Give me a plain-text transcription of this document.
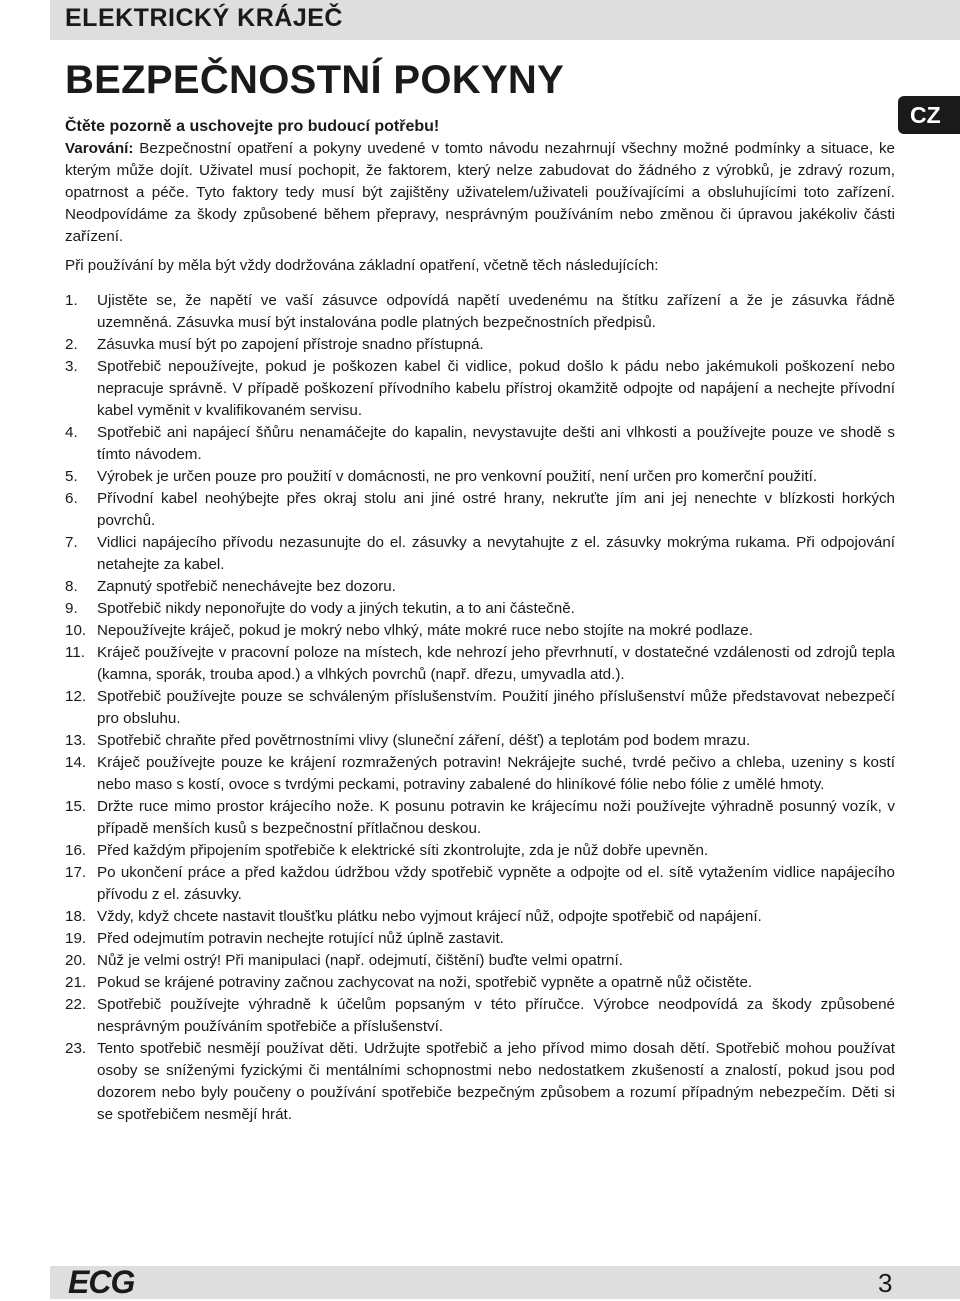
ELEKTRICKÝ KRÁJEČ
BEZPEČNOSTNÍ POKYNY
CZ

Čtěte pozorně a uschovejte pro budoucí potřebu!

Varování: Bezpečnostní opatření a pokyny uvedené v tomto návodu nezahrnují všechny možné podmínky a situace, ke kterým může dojít. Uživatel musí pochopit, že faktorem, který nelze zabudovat do žádného z výrobků, je zdravý rozum, opatrnost a péče. Tyto faktory tedy musí být zajištěny uživatelem/uživateli používajícími a obsluhujícími toto zařízení. Neodpovídáme za škody způsobené během přepravy, nesprávným používáním nebo změnou či úpravou jakékoliv části zařízení.

Při používání by měla být vždy dodržována základní opatření, včetně těch následujících:

1. Ujistěte se, že napětí ve vaší zásuvce odpovídá napětí uvedenému na štítku zařízení a že je zásuvka řádně uzemněná. Zásuvka musí být instalována podle platných bezpečnostních předpisů.
2. Zásuvka musí být po zapojení přístroje snadno přístupná.
3. Spotřebič nepoužívejte, pokud je poškozen kabel či vidlice, pokud došlo k pádu nebo jakémukoli poškození nebo nepracuje správně. V případě poškození přívodního kabelu přístroj okamžitě odpojte od napájení a nechejte přívodní kabel vyměnit v kvalifikovaném servisu.
4. Spotřebič ani napájecí šňůru nenamáčejte do kapalin, nevystavujte dešti ani vlhkosti a používejte pouze ve shodě s tímto návodem.
5. Výrobek je určen pouze pro použití v domácnosti, ne pro venkovní použití, není určen pro komerční použití.
6. Přívodní kabel neohýbejte přes okraj stolu ani jiné ostré hrany, nekruťte jím ani jej nenechte v blízkosti horkých povrchů.
7. Vidlici napájecího přívodu nezasunujte do el. zásuvky a nevytahujte z el. zásuvky mokrýma rukama. Při odpojování netahejte za kabel.
8. Zapnutý spotřebič nenechávejte bez dozoru.
9. Spotřebič nikdy neponořujte do vody a jiných tekutin, a to ani částečně.
10. Nepoužívejte kráječ, pokud je mokrý nebo vlhký, máte mokré ruce nebo stojíte na mokré podlaze.
11. Kráječ používejte v pracovní poloze na místech, kde nehrozí jeho převrhnutí, v dostatečné vzdálenosti od zdrojů tepla (kamna, sporák, trouba apod.) a vlhkých povrchů (např. dřezu, umyvadla atd.).
12. Spotřebič používejte pouze se schváleným příslušenstvím. Použití jiného příslušenství může představovat nebezpečí pro obsluhu.
13. Spotřebič chraňte před povětrnostními vlivy (sluneční záření, déšť) a teplotám pod bodem mrazu.
14. Kráječ používejte pouze ke krájení rozmražených potravin! Nekrájejte suché, tvrdé pečivo a chleba, uzeniny s kostí nebo maso s kostí, ovoce s tvrdými peckami, potraviny zabalené do hliníkové fólie nebo fólie z umělé hmoty.
15. Držte ruce mimo prostor krájecího nože. K posunu potravin ke krájecímu noži používejte výhradně posunný vozík, v případě menších kusů s bezpečnostní přítlačnou deskou.
16. Před každým připojením spotřebiče k elektrické síti zkontrolujte, zda je nůž dobře upevněn.
17. Po ukončení práce a před každou údržbou vždy spotřebič vypněte a odpojte od el. sítě vytažením vidlice napájecího přívodu z el. zásuvky.
18. Vždy, když chcete nastavit tloušťku plátku nebo vyjmout krájecí nůž, odpojte spotřebič od napájení.
19. Před odejmutím potravin nechejte rotující nůž úplně zastavit.
20. Nůž je velmi ostrý! Při manipulaci (např. odejmutí, čištění) buďte velmi opatrní.
21. Pokud se krájené potraviny začnou zachycovat na noži, spotřebič vypněte a opatrně nůž očistěte.
22. Spotřebič používejte výhradně k účelům popsaným v této příručce. Výrobce neodpovídá za škody způsobené nesprávným používáním spotřebiče a příslušenství.
23. Tento spotřebič nesmějí používat děti. Udržujte spotřebič a jeho přívod mimo dosah dětí. Spotřebič mohou používat osoby se sníženými fyzickými či mentálními schopnostmi nebo nedostatkem zkušeností a znalostí, pokud jsou pod dozorem nebo byly poučeny o používání spotřebiče bezpečným způsobem a rozumí případným nebezpečím. Děti si se spotřebičem nesmějí hrát.
ECG	3
